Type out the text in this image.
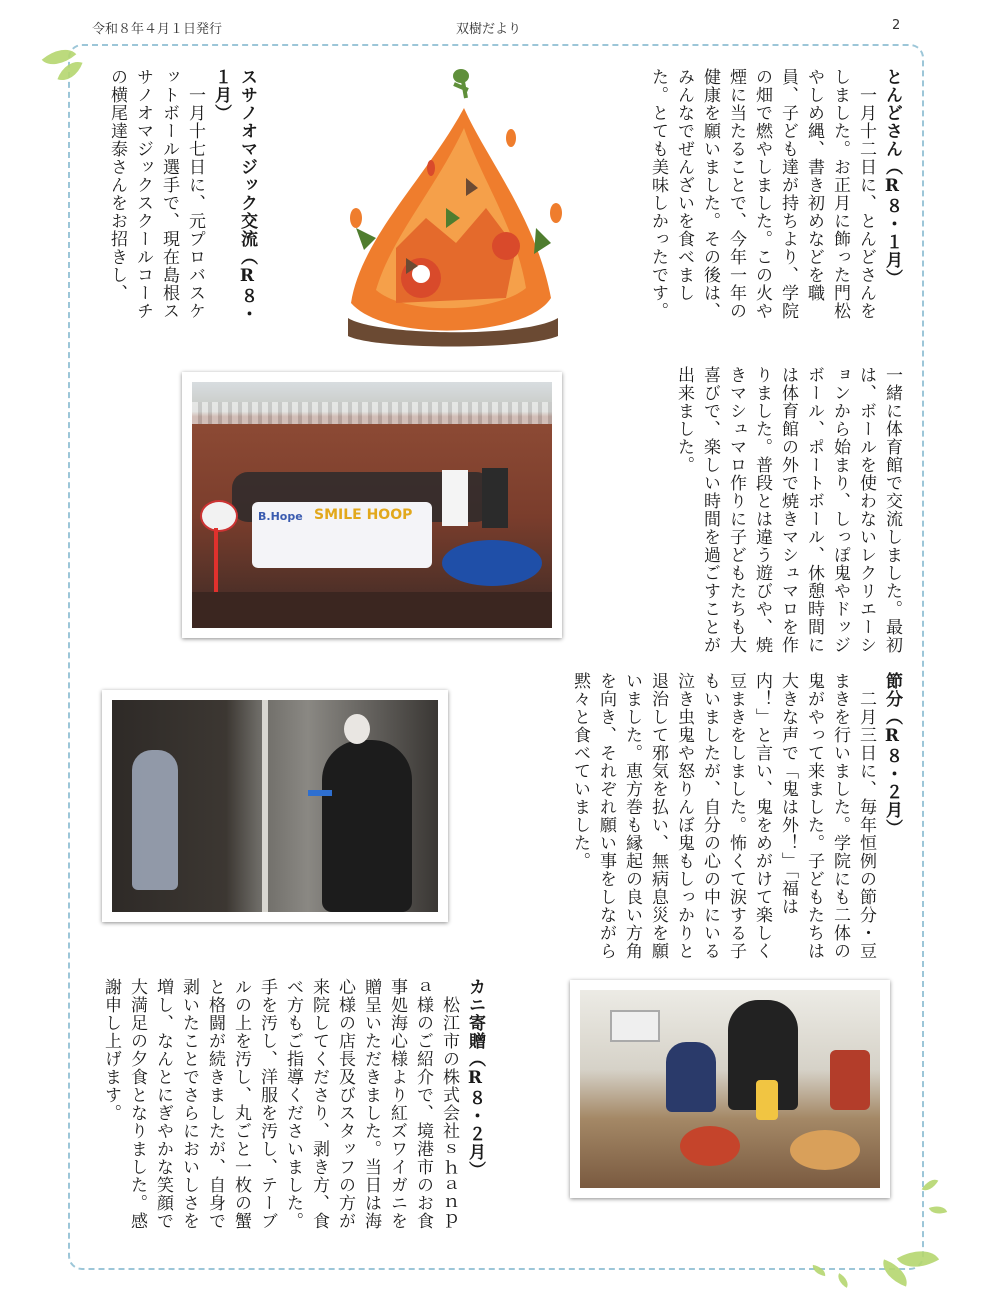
令和８年４月１日発行	双樹だより	2

とんどさん（R８・１月）

　一月十二日に、とんどさんをしました。お正月に飾った門松やしめ縄、書き初めなどを職員、子ども達が持ちより、学院の畑で燃やしました。この火や煙に当たることで、今年一年の健康を願いました。その後は、みんなでぜんざいを食べました。とても美味しかったです。

スサノオマジック交流（R８・１月）

　一月十七日に、元プロバスケットボール選手で、現在島根スサノオマジックスクールコーチの横尾達泰さんをお招きし、

B.Hope SMILE HOOP	一緒に体育館で交流しました。最初は、ボールを使わないレクリエーションから始まり、しっぽ鬼やドッジボール、ポートボール、休憩時間には体育館の外で焼きマシュマロを作りました。普段とは違う遊びや、焼きマシュマロ作りに子どもたちも大喜びで、楽しい時間を過ごすことが出来ました。

節分（R８・２月）

　二月三日に、毎年恒例の節分・豆まきを行いました。学院にも二体の鬼がやって来ました。子どもたちは大きな声で「鬼は外！」「福は内！」と言い、鬼をめがけて楽しく豆まきをしました。怖くて涙する子もいましたが、自分の心の中にいる泣き虫鬼や怒りんぼ鬼もしっかりと退治して邪気を払い、無病息災を願いました。恵方巻も縁起の良い方角を向き、それぞれ願い事をしながら黙々と食べていました。

カニ寄贈（R８・２月）

　松江市の株式会社ｓｈａｎｐａ様のご紹介で、境港市のお食事処海心様より紅ズワイガニを贈呈いただきました。当日は海心様の店長及びスタッフの方が来院してくださり、剥き方、食べ方もご指導くださいました。手を汚し、洋服を汚し、テーブルの上を汚し、丸ごと一枚の蟹と格闘が続きましたが、自身で剥いたことでさらにおいしさを増し、なんとにぎやかな笑顔で大満足の夕食となりました。感謝申し上げます。
